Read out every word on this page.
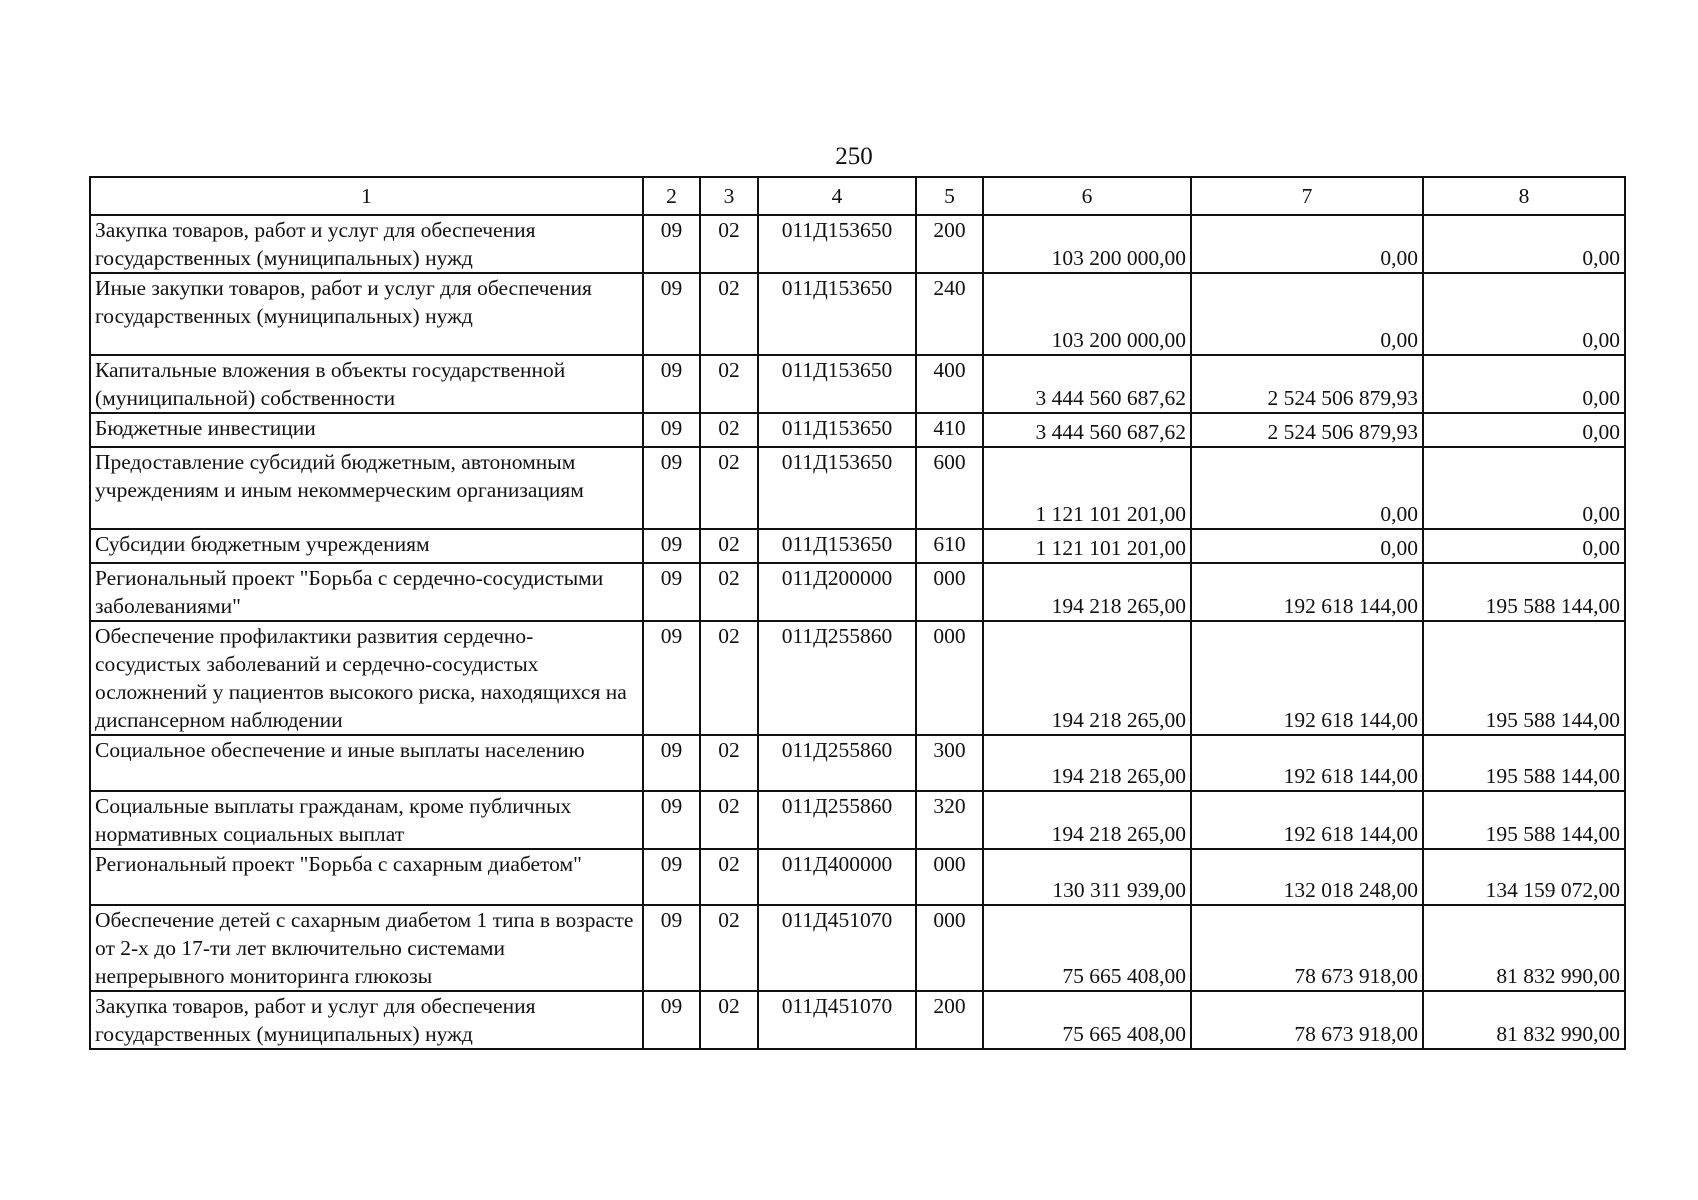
250
1	2	3	4	5	6	7	8
Закупка товаров, работ и услуг для обеспечения государственных (муниципальных) нужд	09	02	011Д153650	200	103 200 000,00	0,00	0,00
Иные закупки товаров, работ и услуг для обеспечения государственных (муниципальных) нужд	09	02	011Д153650	240	103 200 000,00	0,00	0,00
Капитальные вложения в объекты государственной (муниципальной) собственности	09	02	011Д153650	400	3 444 560 687,62	2 524 506 879,93	0,00
Бюджетные инвестиции	09	02	011Д153650	410	3 444 560 687,62	2 524 506 879,93	0,00
Предоставление субсидий бюджетным, автономным учреждениям и иным некоммерческим организациям	09	02	011Д153650	600	1 121 101 201,00	0,00	0,00
Субсидии бюджетным учреждениям	09	02	011Д153650	610	1 121 101 201,00	0,00	0,00
Региональный проект "Борьба с сердечно-сосудистыми заболеваниями"	09	02	011Д200000	000	194 218 265,00	192 618 144,00	195 588 144,00
Обеспечение профилактики развития сердечно-сосудистых заболеваний и сердечно-сосудистых осложнений у пациентов высокого риска, находящихся на диспансерном наблюдении	09	02	011Д255860	000	194 218 265,00	192 618 144,00	195 588 144,00
Социальное обеспечение и иные выплаты населению	09	02	011Д255860	300	194 218 265,00	192 618 144,00	195 588 144,00
Социальные выплаты гражданам, кроме публичных нормативных социальных выплат	09	02	011Д255860	320	194 218 265,00	192 618 144,00	195 588 144,00
Региональный проект "Борьба с сахарным диабетом"	09	02	011Д400000	000	130 311 939,00	132 018 248,00	134 159 072,00
Обеспечение детей с сахарным диабетом 1 типа в возрасте от 2-х до 17-ти лет включительно системами непрерывного мониторинга глюкозы	09	02	011Д451070	000	75 665 408,00	78 673 918,00	81 832 990,00
Закупка товаров, работ и услуг для обеспечения государственных (муниципальных) нужд	09	02	011Д451070	200	75 665 408,00	78 673 918,00	81 832 990,00
